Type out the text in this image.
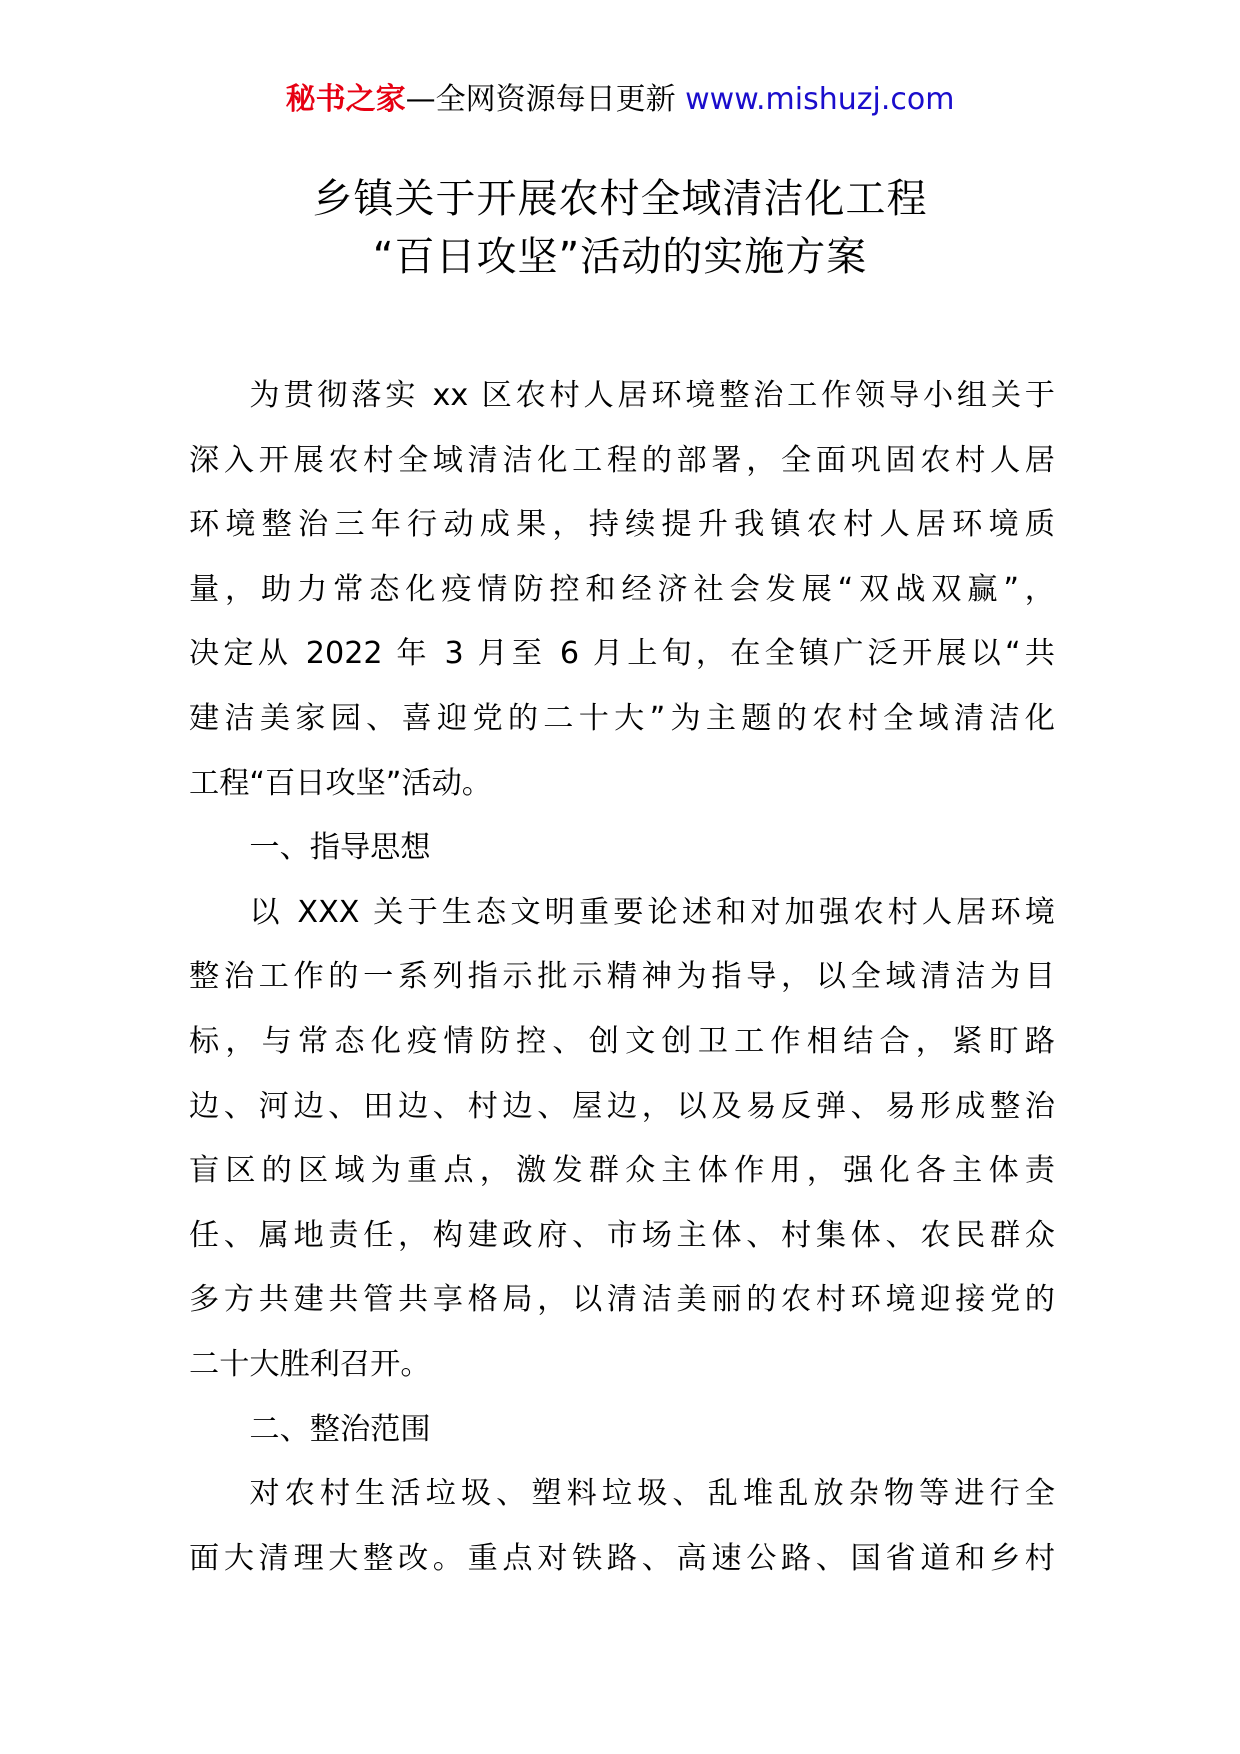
秘书之家—全网资源每日更新 www.mishuzj.com
乡镇关于开展农村全域清洁化工程
“百日攻坚”活动的实施方案

为贯彻落实 xx 区农村人居环境整治工作领导小组关于
深入开展农村全域清洁化工程的部署，全面巩固农村人居
环境整治三年行动成果，持续提升我镇农村人居环境质
量，助力常态化疫情防控和经济社会发展“双战双赢”，
决定从 2022 年 3 月至 6 月上旬，在全镇广泛开展以“共
建洁美家园、喜迎党的二十大”为主题的农村全域清洁化
工程“百日攻坚”活动。

一、指导思想

以 XXX 关于生态文明重要论述和对加强农村人居环境
整治工作的一系列指示批示精神为指导，以全域清洁为目
标，与常态化疫情防控、创文创卫工作相结合，紧盯路
边、河边、田边、村边、屋边，以及易反弹、易形成整治
盲区的区域为重点，激发群众主体作用，强化各主体责
任、属地责任，构建政府、市场主体、村集体、农民群众
多方共建共管共享格局，以清洁美丽的农村环境迎接党的
二十大胜利召开。

二、整治范围

对农村生活垃圾、塑料垃圾、乱堆乱放杂物等进行全
面大清理大整改。重点对铁路、高速公路、国省道和乡村
